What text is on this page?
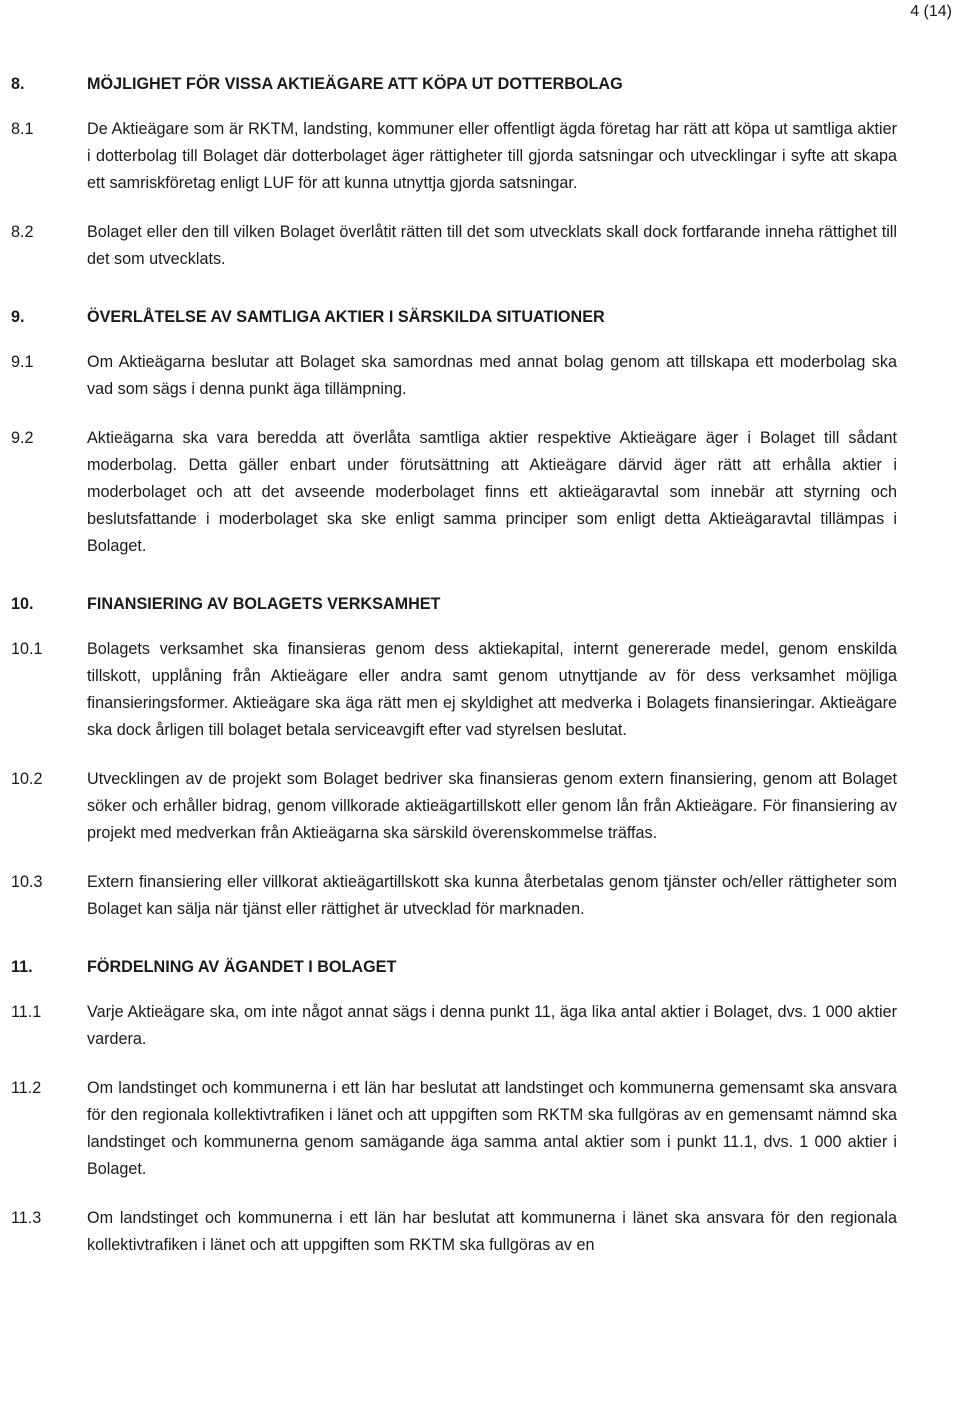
4 (14)
8.	MÖJLIGHET FÖR VISSA AKTIEÄGARE ATT KÖPA UT DOTTERBOLAG
8.1	De Aktieägare som är RKTM, landsting, kommuner eller offentligt ägda företag har rätt att köpa ut samtliga aktier i dotterbolag till Bolaget där dotterbolaget äger rättigheter till gjorda satsningar och utvecklingar i syfte att skapa ett samriskföretag enligt LUF för att kunna utnyttja gjorda satsningar.
8.2	Bolaget eller den till vilken Bolaget överlåtit rätten till det som utvecklats skall dock fortfarande inneha rättighet till det som utvecklats.
9.	ÖVERLÅTELSE AV SAMTLIGA AKTIER I SÄRSKILDA SITUATIONER
9.1	Om Aktieägarna beslutar att Bolaget ska samordnas med annat bolag genom att tillskapa ett moderbolag ska vad som sägs i denna punkt äga tillämpning.
9.2	Aktieägarna ska vara beredda att överlåta samtliga aktier respektive Aktieägare äger i Bolaget till sådant moderbolag. Detta gäller enbart under förutsättning att Aktieägare därvid äger rätt att erhålla aktier i moderbolaget och att det avseende moderbolaget finns ett aktieägaravtal som innebär att styrning och beslutsfattande i moderbolaget ska ske enligt samma principer som enligt detta Aktieägaravtal tillämpas i Bolaget.
10.	FINANSIERING AV BOLAGETS VERKSAMHET
10.1	Bolagets verksamhet ska finansieras genom dess aktiekapital, internt genererade medel, genom enskilda tillskott, upplåning från Aktieägare eller andra samt genom utnyttjande av för dess verksamhet möjliga finansieringsformer. Aktieägare ska äga rätt men ej skyldighet att medverka i Bolagets finansieringar. Aktieägare ska dock årligen till bolaget betala serviceavgift efter vad styrelsen beslutat.
10.2	Utvecklingen av de projekt som Bolaget bedriver ska finansieras genom extern finansiering, genom att Bolaget söker och erhåller bidrag, genom villkorade aktieägartillskott eller genom lån från Aktieägare. För finansiering av projekt med medverkan från Aktieägarna ska särskild överenskommelse träffas.
10.3	Extern finansiering eller villkorat aktieägartillskott ska kunna återbetalas genom tjänster och/eller rättigheter som Bolaget kan sälja när tjänst eller rättighet är utvecklad för marknaden.
11.	FÖRDELNING AV ÄGANDET I BOLAGET
11.1	Varje Aktieägare ska, om inte något annat sägs i denna punkt 11, äga lika antal aktier i Bolaget, dvs. 1 000 aktier vardera.
11.2	Om landstinget och kommunerna i ett län har beslutat att landstinget och kommunerna gemensamt ska ansvara för den regionala kollektivtrafiken i länet och att uppgiften som RKTM ska fullgöras av en gemensamt nämnd ska landstinget och kommunerna genom samägande äga samma antal aktier som i punkt 11.1, dvs. 1 000 aktier i Bolaget.
11.3	Om landstinget och kommunerna i ett län har beslutat att kommunerna i länet ska ansvara för den regionala kollektivtrafiken i länet och att uppgiften som RKTM ska fullgöras av en
